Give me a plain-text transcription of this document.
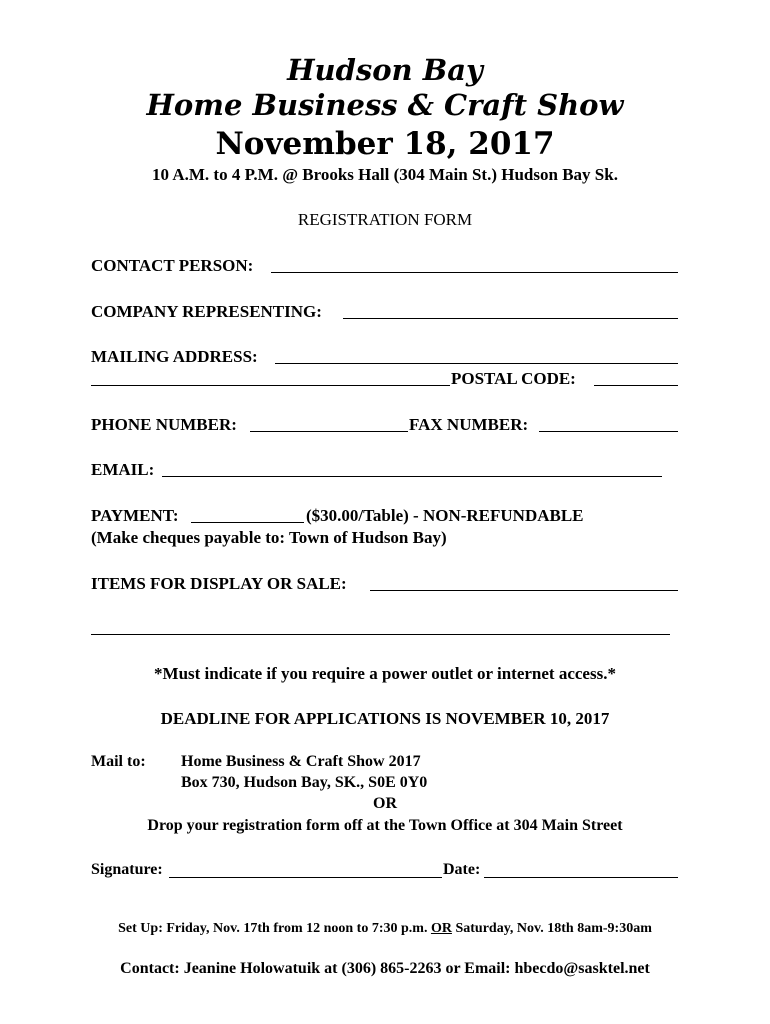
Hudson Bay
Home Business & Craft Show
November 18, 2017
10 A.M. to 4 P.M. @ Brooks Hall (304 Main St.) Hudson Bay Sk.
REGISTRATION FORM
CONTACT PERSON:
COMPANY REPRESENTING:
MAILING ADDRESS:
POSTAL CODE:
PHONE NUMBER:	FAX NUMBER:
EMAIL:
PAYMENT:	($30.00/Table) - NON-REFUNDABLE
(Make cheques payable to: Town of Hudson Bay)
ITEMS FOR DISPLAY OR SALE:
*Must indicate if you require a power outlet or internet access.*
DEADLINE FOR APPLICATIONS IS NOVEMBER 10, 2017
Mail to: Home Business & Craft Show 2017
Box 730, Hudson Bay, SK., S0E 0Y0
OR
Drop your registration form off at the Town Office at 304 Main Street
Signature:	Date:
Set Up: Friday, Nov. 17th from 12 noon to 7:30 p.m. OR Saturday, Nov. 18th 8am-9:30am
Contact: Jeanine Holowatuik at (306) 865-2263 or Email: hbecdo@sasktel.net
